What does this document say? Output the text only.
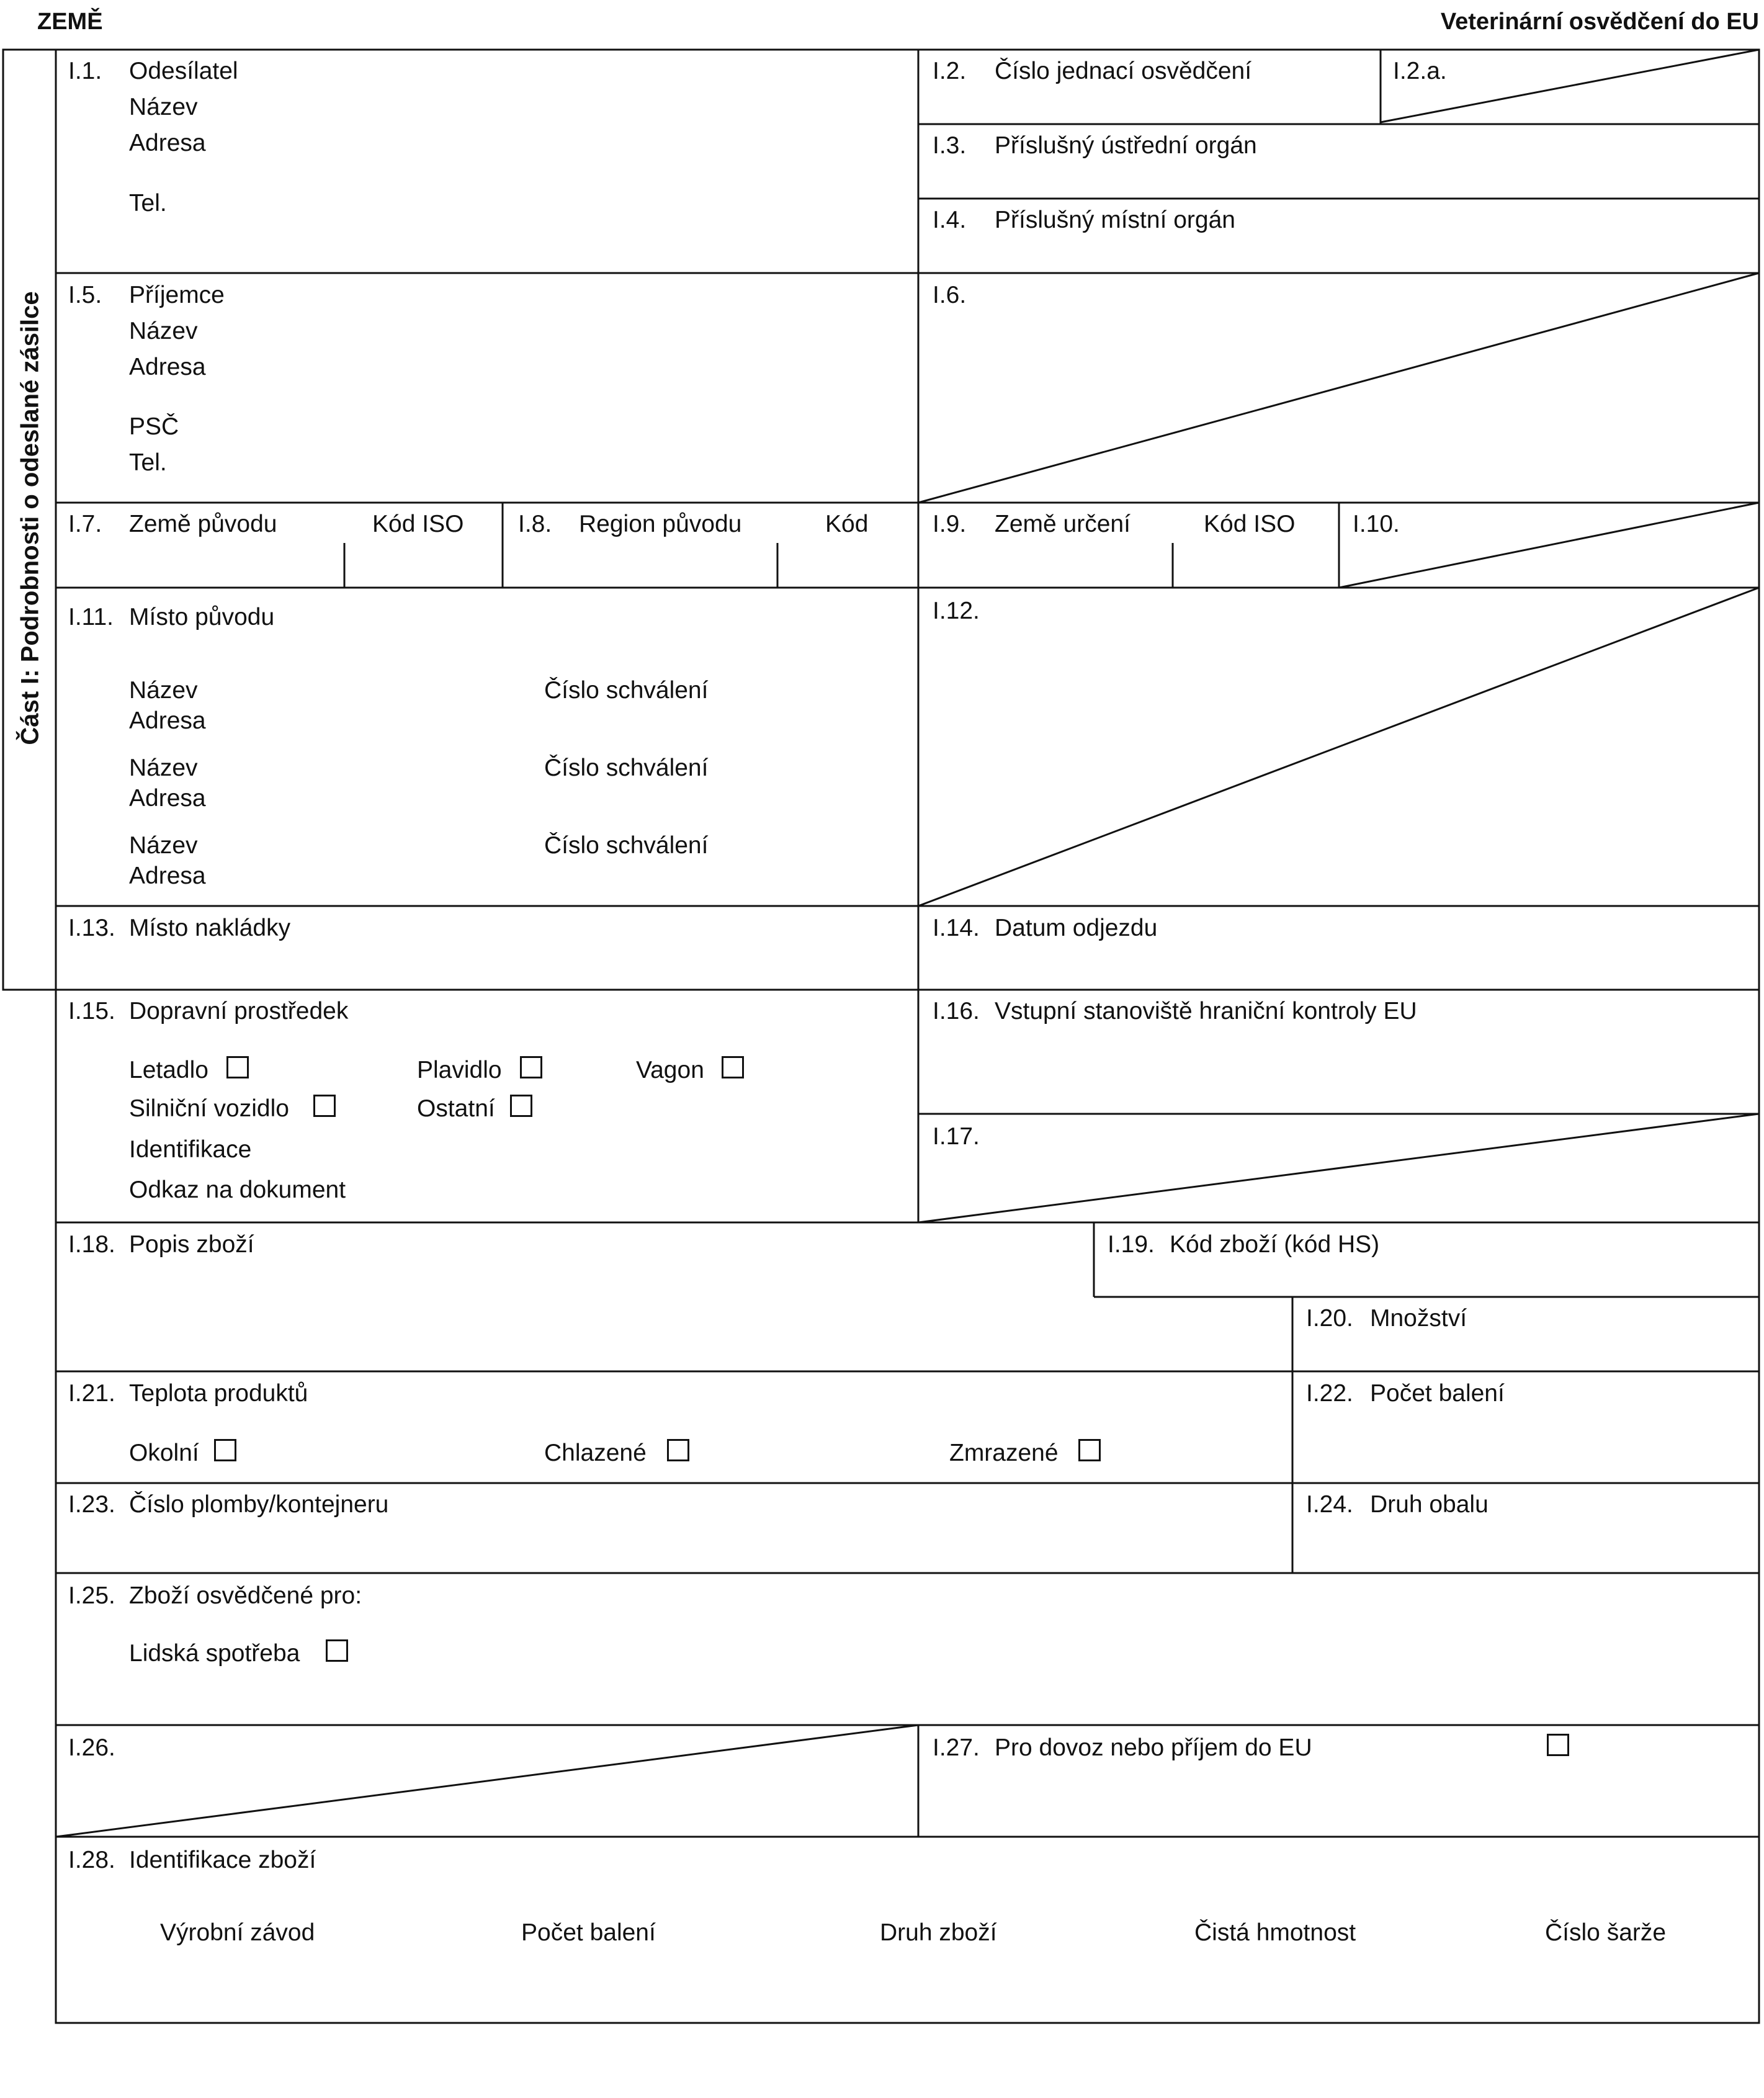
ZEMĚ	Veterinární osvědčení do EU
Část I: Podrobnosti o odeslané zásilce
I.1. Odesílatel
Název
Adresa
Tel.
I.2. Číslo jednací osvědčení	I.2.a.
I.3. Příslušný ústřední orgán
I.4. Příslušný místní orgán
I.5. Příjemce
Název
Adresa
PSČ
Tel.
I.6.
I.7. Země původu	Kód ISO I.8. Region původu	Kód	I.9. Země určení	Kód ISO I.10.
I.11. Místo původu
Název	Číslo schválení
Adresa
Název	Číslo schválení
Adresa
Název	Číslo schválení
Adresa
I.12.
I.13. Místo nakládky	I.14. Datum odjezdu
I.15. Dopravní prostředek
Letadlo	Plavidlo	Vagon
Silniční vozidlo	Ostatní
Identifikace
Odkaz na dokument
I.16. Vstupní stanoviště hraniční kontroly EU
I.17.
I.18. Popis zboží	I.19. Kód zboží (kód HS)
I.20. Množství
I.21. Teplota produktů
Okolní	Chlazené	Zmrazené
I.22. Počet balení
I.23. Číslo plomby/kontejneru	I.24. Druh obalu
I.25. Zboží osvědčené pro:
Lidská spotřeba
I.26.	I.27. Pro dovoz nebo příjem do EU
I.28. Identifikace zboží
Výrobní závod	Počet balení	Druh zboží	Čistá hmotnost	Číslo šarže
